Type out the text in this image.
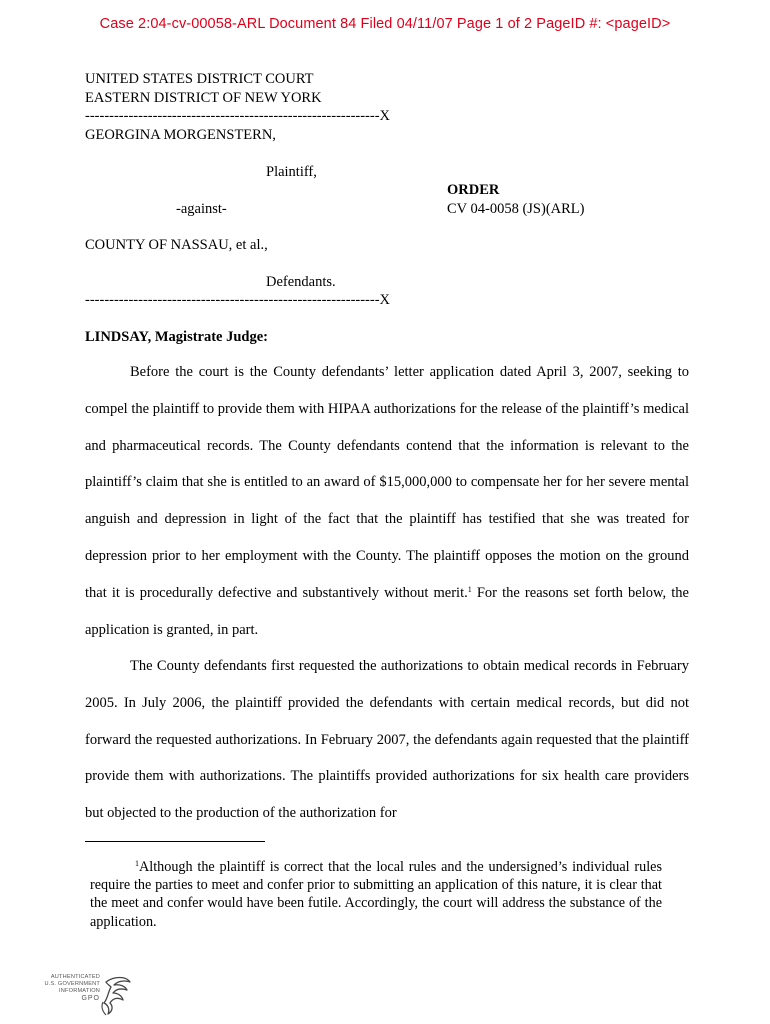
Case 2:04-cv-00058-ARL Document 84 Filed 04/11/07 Page 1 of 2 PageID #: <pageID>
UNITED STATES DISTRICT COURT
EASTERN DISTRICT OF NEW YORK
-------------------------------------------------------------X
GEORGINA MORGENSTERN,
Plaintiff,
ORDER
-against-	CV 04-0058 (JS)(ARL)
COUNTY OF NASSAU, et al.,
Defendants.
-------------------------------------------------------------X
LINDSAY, Magistrate Judge:

Before the court is the County defendants’ letter application dated April 3, 2007, seeking to compel the plaintiff to provide them with HIPAA authorizations for the release of the plaintiff’s medical and pharmaceutical records. The County defendants contend that the information is relevant to the plaintiff’s claim that she is entitled to an award of $15,000,000 to compensate her for her severe mental anguish and depression in light of the fact that the plaintiff has testified that she was treated for depression prior to her employment with the County. The plaintiff opposes the motion on the ground that it is procedurally defective and substantively without merit.$^1$ For the reasons set forth below, the application is granted, in part.

The County defendants first requested the authorizations to obtain medical records in February 2005. In July 2006, the plaintiff provided the defendants with certain medical records, but did not forward the requested authorizations. In February 2007, the defendants again requested that the plaintiff provide them with authorizations. The plaintiffs provided authorizations for six health care providers but objected to the production of the authorization for

$^1$Although the plaintiff is correct that the local rules and the undersigned’s individual rules require the parties to meet and confer prior to submitting an application of this nature, it is clear that the meet and confer would have been futile. Accordingly, the court will address the substance of the application.

AUTHENTICATED
U.S. GOVERNMENT
INFORMATION
GPO
